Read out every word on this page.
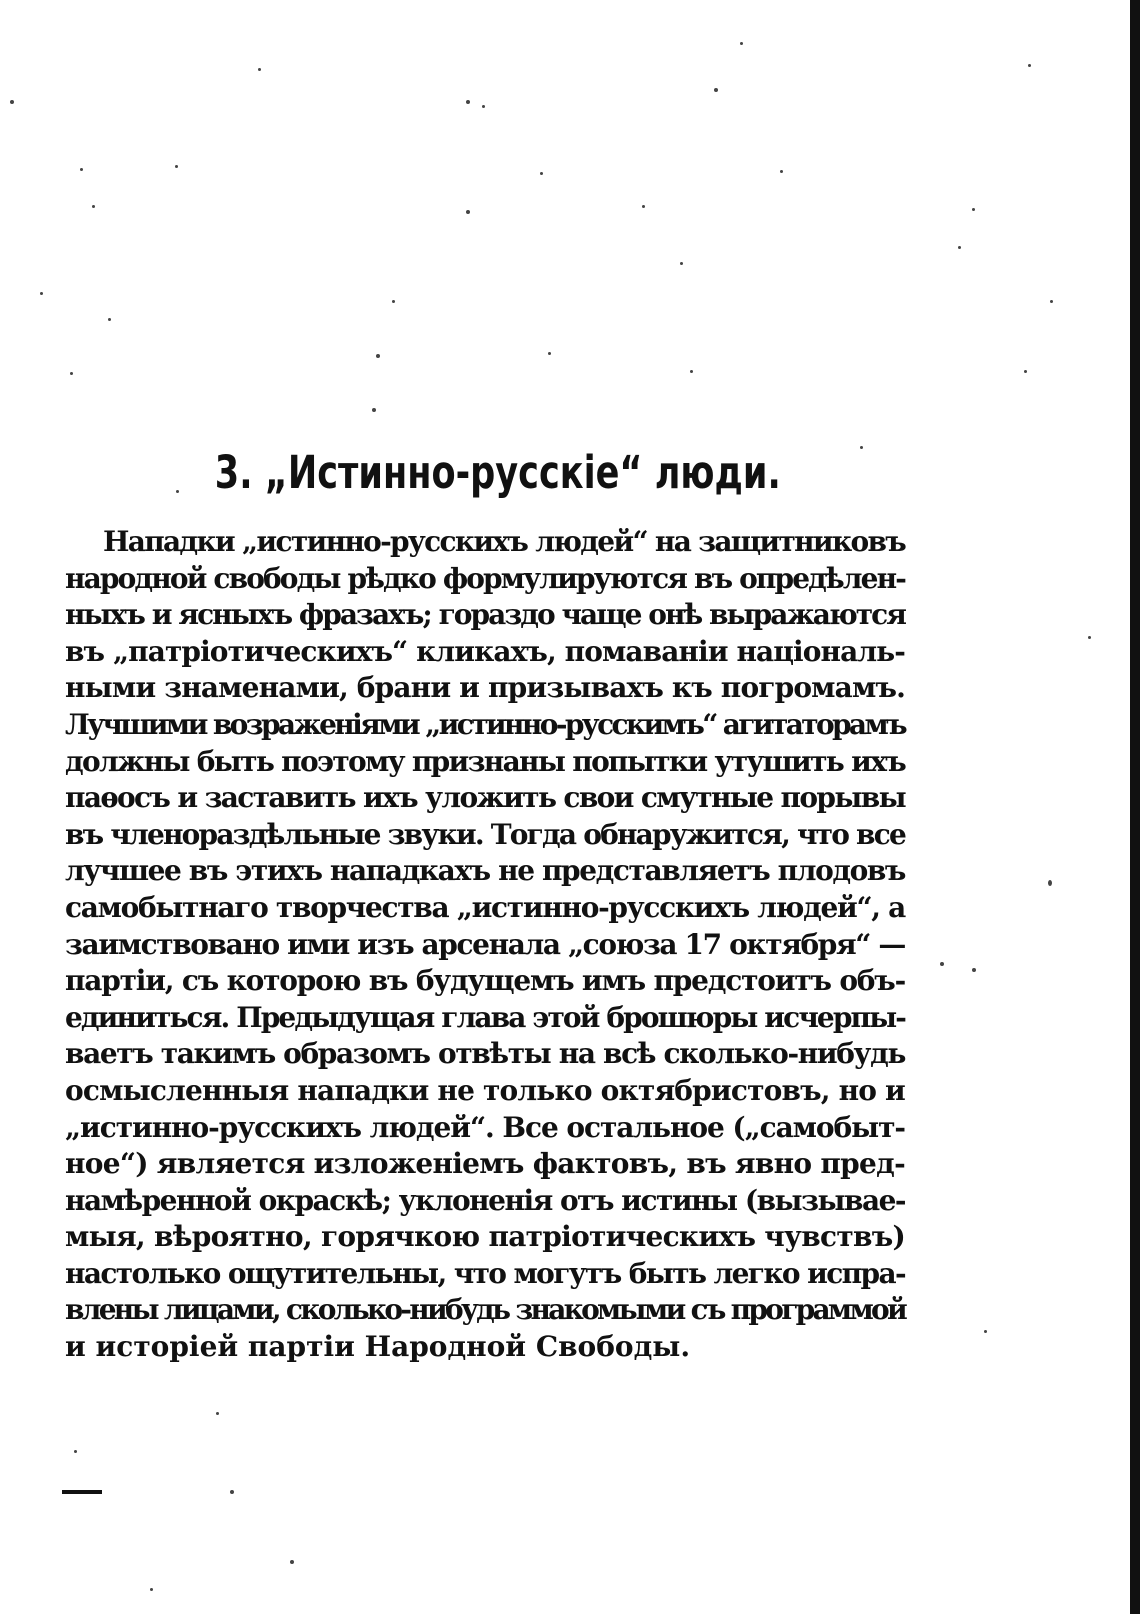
3. „Истинно-русскіе“ люди.
Нападки „истинно-русскихъ людей“ на защитниковъ
народной свободы рѣдко формулируются въ опредѣлен-
ныхъ и ясныхъ фразахъ; гораздо чаще онѣ выражаются
въ „патріотическихъ“ кликахъ, помаваніи національ-
ными знаменами, брани и призывахъ къ погромамъ.
Лучшими возраженіями „истинно-русскимъ“ агитаторамъ
должны быть поэтому признаны попытки утушить ихъ
паѳосъ и заставить ихъ уложить свои смутные порывы
въ членораздѣльные звуки. Тогда обнаружится, что все
лучшее въ этихъ нападкахъ не представляетъ плодовъ
самобытнаго творчества „истинно-русскихъ людей“, а
заимствовано ими изъ арсенала „союза 17 октября“ —
партіи, съ которою въ будущемъ имъ предстоитъ объ-
единиться. Предыдущая глава этой брошюры исчерпы-
ваетъ такимъ образомъ отвѣты на всѣ сколько-нибудь
осмысленныя нападки не только октябристовъ, но и
„истинно-русскихъ людей“. Все остальное („самобыт-
ное“) является изложеніемъ фактовъ, въ явно пред-
намѣренной окраскѣ; уклоненія отъ истины (вызывае-
мыя, вѣроятно, горячкою патріотическихъ чувствъ)
настолько ощутительны, что могутъ быть легко испра-
влены лицами, сколько-нибудь знакомыми съ программой
и исторіей партіи Народной Свободы.
